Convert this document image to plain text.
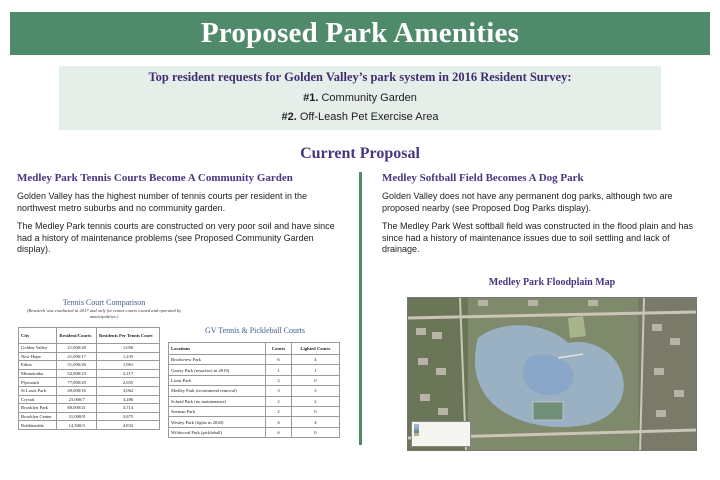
Proposed Park Amenities
Top resident requests for Golden Valley’s park system in 2016 Resident Survey:
#1. Community Garden
#2. Off-Leash Pet Exercise Area
Current Proposal
Medley Park Tennis Courts Become A Community Garden

Golden Valley has the highest number of tennis courts per resident in the northwest metro suburbs and no community garden.

The Medley Park tennis courts are constructed on very poor soil and have since had a history of maintenance problems (see Proposed Community Garden display).

Medley Softball Field Becomes A Dog Park

Golden Valley does not have any permanent dog parks, although two are proposed nearby (see Proposed Dog Parks display).

The Medley Park West softball field was constructed in the flood plain and has since had a history of maintenance issues due to soil settling and lack of drainage.

Tennis Court Comparison
(Research was conducted in 2017 and only for tennis courts owned and operated by municipalities.)
City	Resident/Courts	Residents Per Tennis Court
Golden Valley	21,000/20	1,050
New Hope	21,000/17	1,235
Edina	51,000/26	1,961
Minnetonka	52,000/23	2,217
Plymouth	77,000/29	2,655
St Louis Park	49,000/16	3,062
Crystal	23,000/7	3,286
Brooklyn Park	80,000/21	3,714
Brooklyn Center	31,000/8	3,875
Robbinsdale	14,500/3	4,833
GV Tennis & Pickleball Courts
Locations	Courts	Lighted Courts
Brookview Park	6	4
Gearty Park (resurface in 2019)	1	1
Lions Park	2	0
Medley Park (recommend removal)	3	3
Scheid Park (no maintenance)	2	2
Seeman Park	2	0
Wesley Park (lights in 2020)	4	4
Wildwood Park (pickleball)	6	0
Medley Park Floodplain Map
